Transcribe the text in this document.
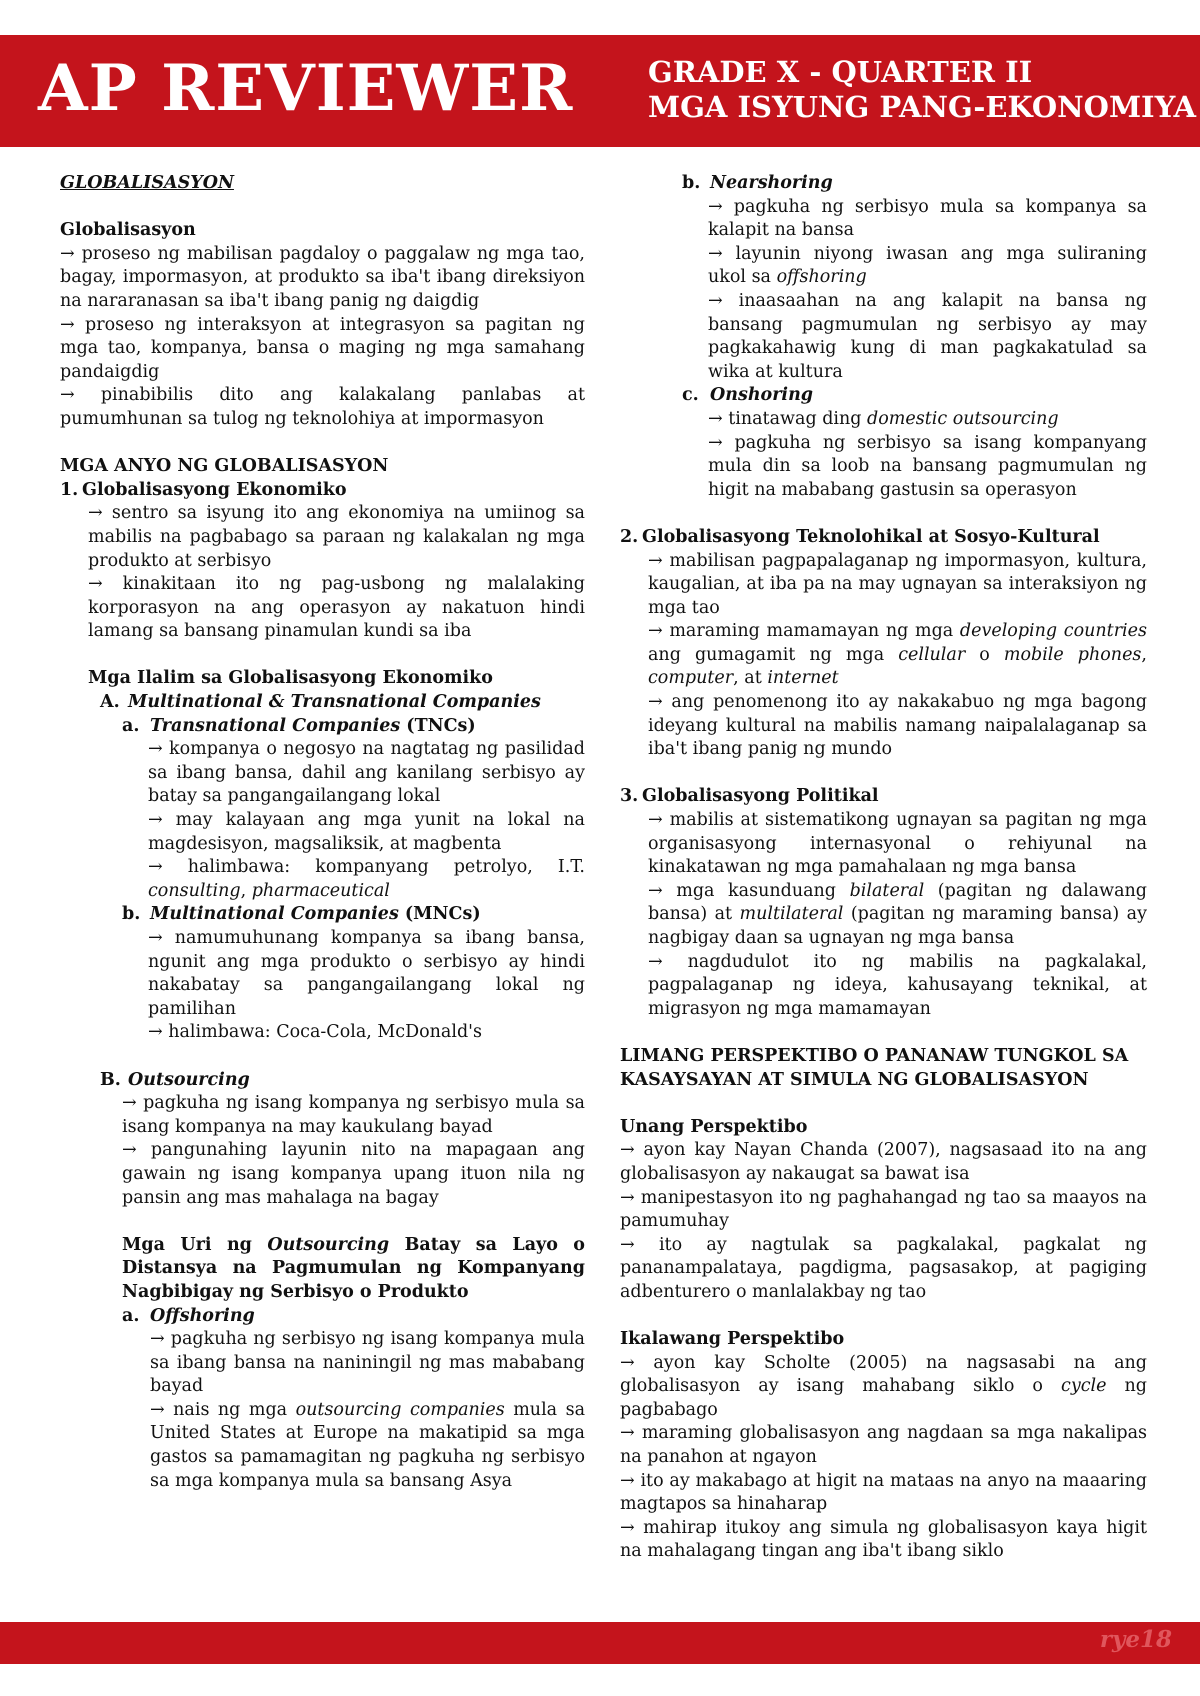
AP REVIEWER	GRADE X - QUARTER II
MGA ISYUNG PANG-EKONOMIYA

GLOBALISASYON

Globalisasyon

→ proseso ng mabilisan pagdaloy o paggalaw ng mga tao, bagay, impormasyon, at produkto sa iba't ibang direksiyon na nararanasan sa iba't ibang panig ng daigdig

→ proseso ng interaksyon at integrasyon sa pagitan ng mga tao, kompanya, bansa o maging ng mga samahang pandaigdig

→ pinabibilis dito ang kalakalang panlabas at pumumhunan sa tulog ng teknolohiya at impormasyon

MGA ANYO NG GLOBALISASYON

1. Globalisasyong Ekonomiko

→ sentro sa isyung ito ang ekonomiya na umiinog sa mabilis na pagbabago sa paraan ng kalakalan ng mga produkto at serbisyo

→ kinakitaan ito ng pag-usbong ng malalaking korporasyon na ang operasyon ay nakatuon hindi lamang sa bansang pinamulan kundi sa iba

Mga Ilalim sa Globalisasyong Ekonomiko

A. Multinational & Transnational Companies

a. Transnational Companies (TNCs)

→ kompanya o negosyo na nagtatag ng pasilidad sa ibang bansa, dahil ang kanilang serbisyo ay batay sa pangangailangang lokal

→ may kalayaan ang mga yunit na lokal na magdesisyon, magsaliksik, at magbenta

→ halimbawa: kompanyang petrolyo, I.T. consulting, pharmaceutical

b. Multinational Companies (MNCs)

→ namumuhunang kompanya sa ibang bansa, ngunit ang mga produkto o serbisyo ay hindi nakabatay sa pangangailangang lokal ng pamilihan

→ halimbawa: Coca-Cola, McDonald's

B. Outsourcing

→ pagkuha ng isang kompanya ng serbisyo mula sa isang kompanya na may kaukulang bayad

→ pangunahing layunin nito na mapagaan ang gawain ng isang kompanya upang ituon nila ng pansin ang mas mahalaga na bagay

Mga Uri ng Outsourcing Batay sa Layo o Distansya na Pagmumulan ng Kompanyang Nagbibigay ng Serbisyo o Produkto

a. Offshoring

→ pagkuha ng serbisyo ng isang kompanya mula sa ibang bansa na naniningil ng mas mababang bayad

→ nais ng mga outsourcing companies mula sa United States at Europe na makatipid sa mga gastos sa pamamagitan ng pagkuha ng serbisyo sa mga kompanya mula sa bansang Asya

b. Nearshoring

→ pagkuha ng serbisyo mula sa kompanya sa kalapit na bansa

→ layunin niyong iwasan ang mga suliraning ukol sa offshoring

→ inaasaahan na ang kalapit na bansa ng bansang pagmumulan ng serbisyo ay may pagkakahawig kung di man pagkakatulad sa wika at kultura

c. Onshoring

→ tinatawag ding domestic outsourcing

→ pagkuha ng serbisyo sa isang kompanyang mula din sa loob na bansang pagmumulan ng higit na mababang gastusin sa operasyon

2. Globalisasyong Teknolohikal at Sosyo-Kultural

→ mabilisan pagpapalaganap ng impormasyon, kultura, kaugalian, at iba pa na may ugnayan sa interaksiyon ng mga tao

→ maraming mamamayan ng mga developing countries ang gumagamit ng mga cellular o mobile phones, computer, at internet

→ ang penomenong ito ay nakakabuo ng mga bagong ideyang kultural na mabilis namang naipalalaganap sa iba't ibang panig ng mundo

3. Globalisasyong Politikal

→ mabilis at sistematikong ugnayan sa pagitan ng mga organisasyong internasyonal o rehiyunal na kinakatawan ng mga pamahalaan ng mga bansa

→ mga kasunduang bilateral (pagitan ng dalawang bansa) at multilateral (pagitan ng maraming bansa) ay nagbigay daan sa ugnayan ng mga bansa

→ nagdudulot ito ng mabilis na pagkalakal, pagpalaganap ng ideya, kahusayang teknikal, at migrasyon ng mga mamamayan

LIMANG PERSPEKTIBO O PANANAW TUNGKOL SA KASAYSAYAN AT SIMULA NG GLOBALISASYON

Unang Perspektibo

→ ayon kay Nayan Chanda (2007), nagsasaad ito na ang globalisasyon ay nakaugat sa bawat isa

→ manipestasyon ito ng paghahangad ng tao sa maayos na pamumuhay

→ ito ay nagtulak sa pagkalakal, pagkalat ng pananampalataya, pagdigma, pagsasakop, at pagiging adbenturero o manlalakbay ng tao

Ikalawang Perspektibo

→ ayon kay Scholte (2005) na nagsasabi na ang globalisasyon ay isang mahabang siklo o cycle ng pagbabago

→ maraming globalisasyon ang nagdaan sa mga nakalipas na panahon at ngayon

→ ito ay makabago at higit na mataas na anyo na maaaring magtapos sa hinaharap

→ mahirap itukoy ang simula ng globalisasyon kaya higit na mahalagang tingan ang iba't ibang siklo

rye18
